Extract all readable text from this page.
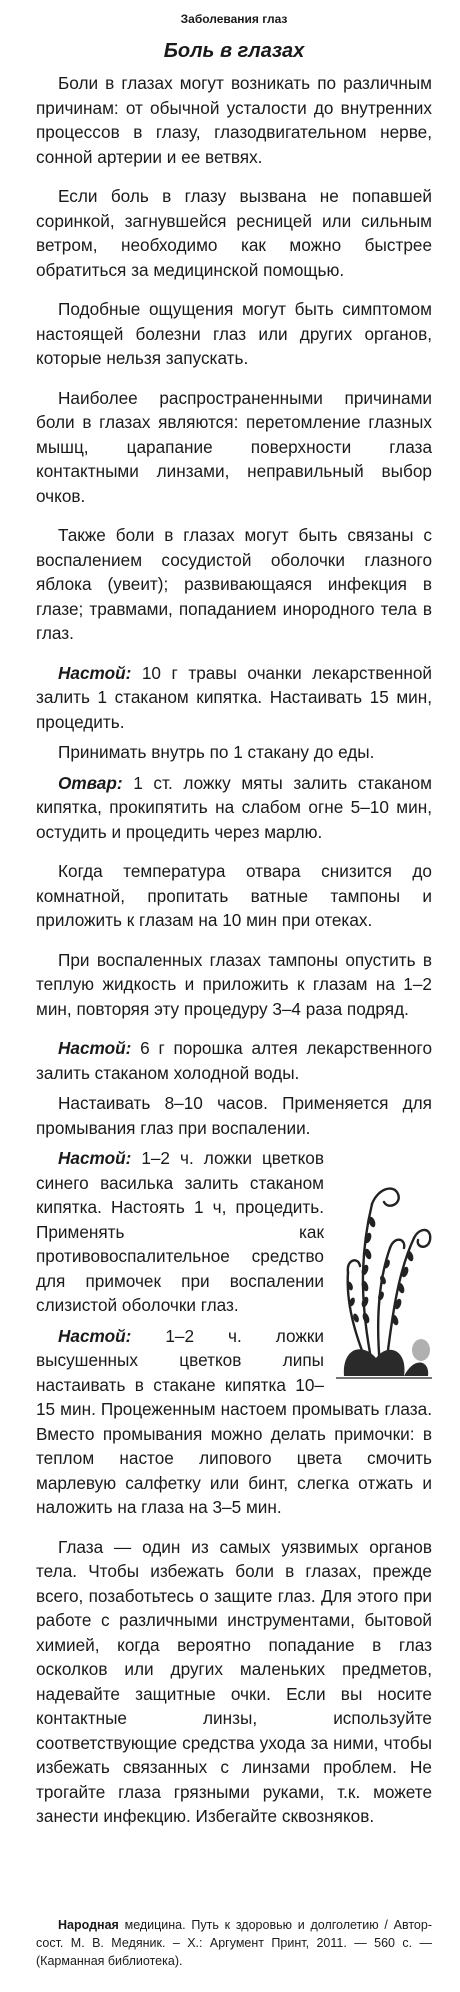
Заболевания глаз
Боль в глазах

Боли в глазах могут возникать по различным причинам: от обычной усталости до внутренних процессов в глазу, глазодвигательном нерве, сонной артерии и ее ветвях.

Если боль в глазу вызвана не попавшей соринкой, загнувшейся ресницей или сильным ветром, необходимо как можно быстрее обратиться за медицинской помощью.

Подобные ощущения могут быть симптомом настоящей болезни глаз или других органов, которые нельзя запускать.

Наиболее распространенными причинами боли в глазах являются: перетомление глазных мышц, царапание поверхности глаза контактными линзами, неправильный выбор очков.

Также боли в глазах могут быть связаны с воспалением сосудистой оболочки глазного яблока (увеит); развивающаяся инфекция в глазе; травмами, попаданием инородного тела в глаз.

Настой: 10 г травы очанки лекарственной залить 1 стаканом кипятка. Настаивать 15 мин, процедить.

Принимать внутрь по 1 стакану до еды.

Отвар: 1 ст. ложку мяты залить стаканом кипятка, прокипятить на слабом огне 5–10 мин, остудить и процедить через марлю.

Когда температура отвара снизится до комнатной, пропитать ватные тампоны и приложить к глазам на 10 мин при отеках.

При воспаленных глазах тампоны опустить в теплую жидкость и приложить к глазам на 1–2 мин, повторяя эту процедуру 3–4 раза подряд.

Настой: 6 г порошка алтея лекарственного залить стаканом холодной воды.

Настаивать 8–10 часов. Применяется для промывания глаз при воспалении.

Настой: 1–2 ч. ложки цветков синего василька залить стаканом кипятка. Настоять 1 ч, процедить. Применять как противовоспалительное средство для примочек при воспалении слизистой оболочки глаз.

Настой: 1–2 ч. ложки высушенных цветков липы настаивать в стакане кипятка 10–15 мин. Процеженным настоем промывать глаза. Вместо промывания можно делать примочки: в теплом настое липового цвета смочить марлевую салфетку или бинт, слегка отжать и наложить на глаза на 3–5 мин.

Глаза — один из самых уязвимых органов тела. Чтобы избежать боли в глазах, прежде всего, позаботьтесь о защите глаз. Для этого при работе с различными инструментами, бытовой химией, когда вероятно попадание в глаз осколков или других маленьких предметов, надевайте защитные очки. Если вы носите контактные линзы, используйте соответствующие средства ухода за ними, чтобы избежать связанных с линзами проблем. Не трогайте глаза грязными руками, т.к. можете занести инфекцию. Избегайте сквозняков.

Народная медицина. Путь к здоровью и долголетию / Автор-сост. М. В. Медяник. – Х.: Аргумент Принт, 2011. — 560 с. — (Карманная библиотека).
